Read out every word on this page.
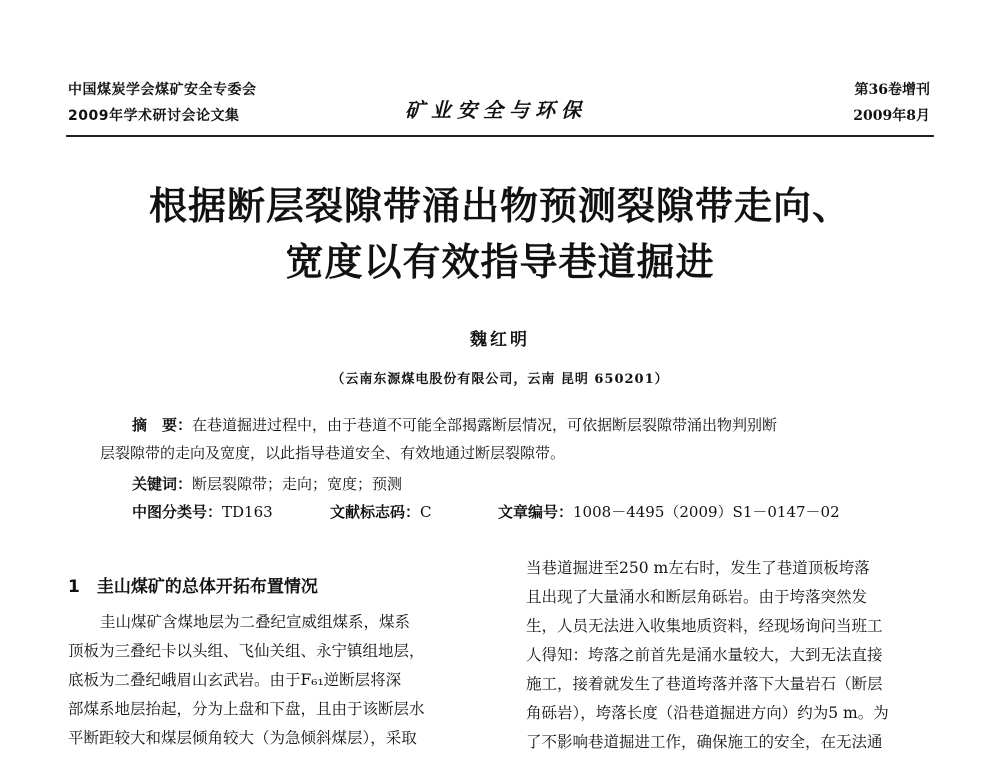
中国煤炭学会煤矿安全专委会
2009年学术研讨会论文集	矿业安全与环保
第36卷增刊
2009年8月
根据断层裂隙带涌出物预测裂隙带走向、
宽度以有效指导巷道掘进
魏红明
（云南东源煤电股份有限公司，云南 昆明 650201）
摘　要：在巷道掘进过程中，由于巷道不可能全部揭露断层情况，可依据断层裂隙带涌出物判别断
层裂隙带的走向及宽度，以此指导巷道安全、有效地通过断层裂隙带。
关键词：断层裂隙带；走向；宽度；预测
中图分类号：TD163	文献标志码：C	文章编号：1008－4495（2009）S1－0147－02
1　圭山煤矿的总体开拓布置情况

圭山煤矿含煤地层为二叠纪宣威组煤系，煤系
顶板为三叠纪卡以头组、飞仙关组、永宁镇组地层，
底板为二叠纪峨眉山玄武岩。由于F₆₁逆断层将深
部煤系地层抬起，分为上盘和下盘，且由于该断层水
平断距较大和煤层倾角较大（为急倾斜煤层），采取

当巷道掘进至250 m左右时，发生了巷道顶板垮落
且出现了大量涌水和断层角砾岩。由于垮落突然发
生，人员无法进入收集地质资料，经现场询问当班工
人得知：垮落之前首先是涌水量较大，大到无法直接
施工，接着就发生了巷道垮落并落下大量岩石（断层
角砾岩），垮落长度（沿巷道掘进方向）约为5 m。为
了不影响巷道掘进工作，确保施工的安全，在无法通
